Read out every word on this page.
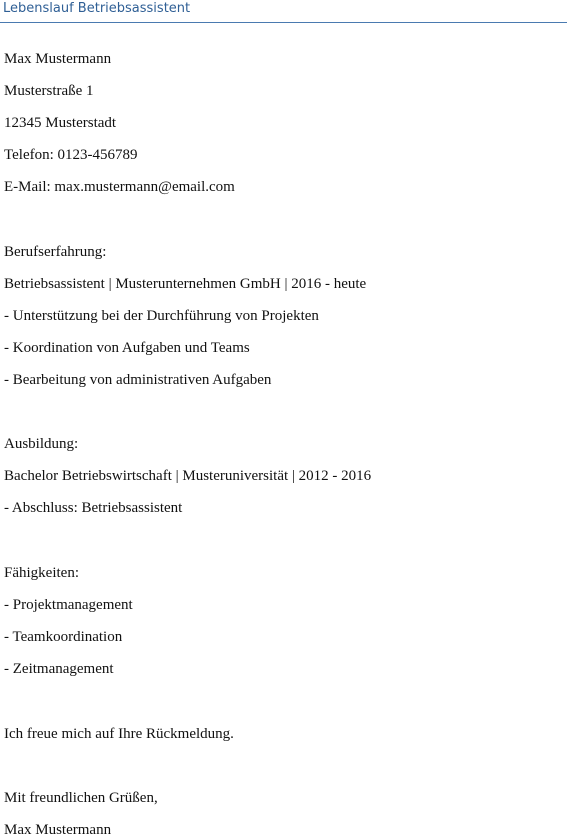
Lebenslauf Betriebsassistent
Max Mustermann
Musterstraße 1
12345 Musterstadt
Telefon: 0123-456789
E-Mail: max.mustermann@email.com
Berufserfahrung:
Betriebsassistent | Musterunternehmen GmbH | 2016 - heute
- Unterstützung bei der Durchführung von Projekten
- Koordination von Aufgaben und Teams
- Bearbeitung von administrativen Aufgaben
Ausbildung:
Bachelor Betriebswirtschaft | Musteruniversität | 2012 - 2016
- Abschluss: Betriebsassistent
Fähigkeiten:
- Projektmanagement
- Teamkoordination
- Zeitmanagement
Ich freue mich auf Ihre Rückmeldung.
Mit freundlichen Grüßen,
Max Mustermann
